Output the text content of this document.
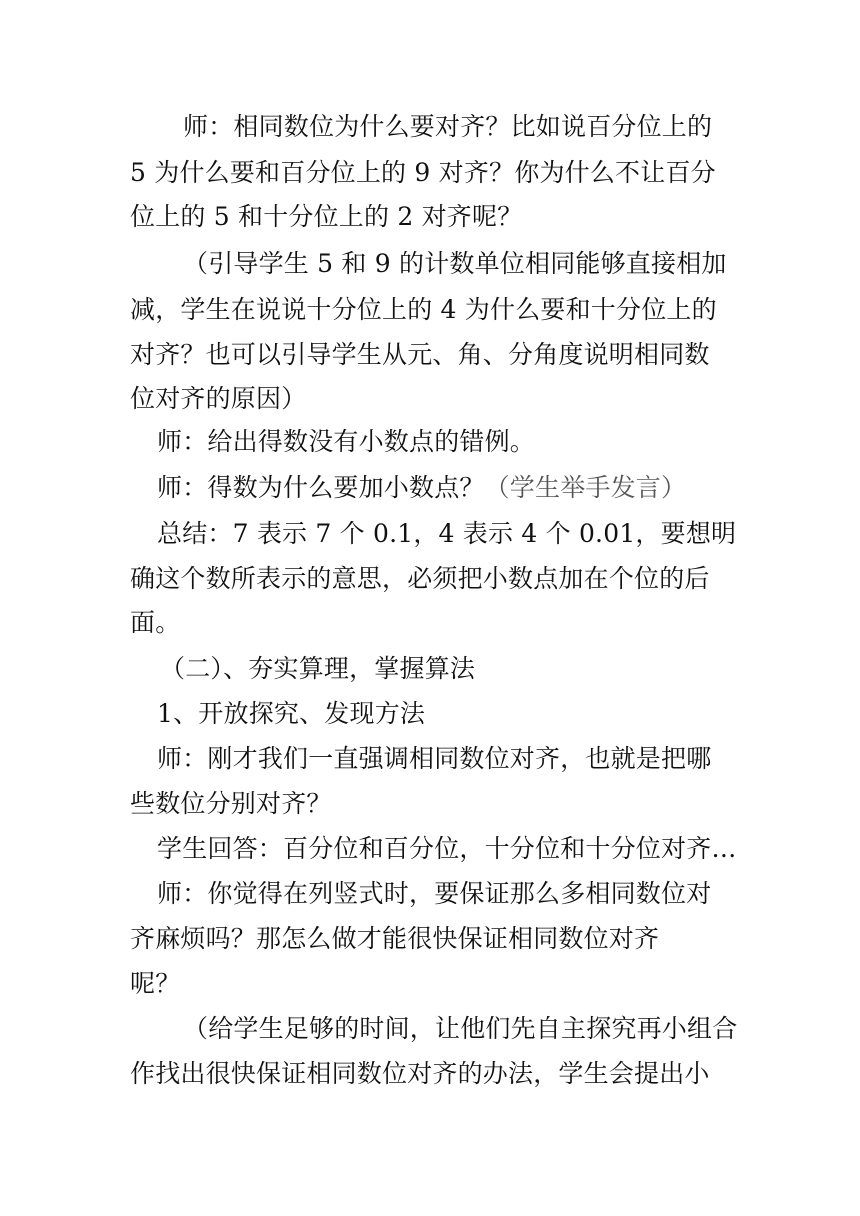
师：相同数位为什么要对齐？比如说百分位上的
5 为什么要和百分位上的 9 对齐？你为什么不让百分
位上的 5 和十分位上的 2 对齐呢？
（引导学生 5 和 9 的计数单位相同能够直接相加
减，学生在说说十分位上的 4 为什么要和十分位上的
对齐？也可以引导学生从元、角、分角度说明相同数
位对齐的原因）
师：给出得数没有小数点的错例。
师：得数为什么要加小数点？（学生举手发言）
总结：7 表示 7 个 0.1，4 表示 4 个 0.01，要想明
确这个数所表示的意思，必须把小数点加在个位的后
面。
（二）、夯实算理，掌握算法
1、开放探究、发现方法
师：刚才我们一直强调相同数位对齐，也就是把哪
些数位分别对齐？
学生回答：百分位和百分位，十分位和十分位对齐…
师：你觉得在列竖式时，要保证那么多相同数位对
齐麻烦吗？那怎么做才能很快保证相同数位对齐
呢？
（给学生足够的时间，让他们先自主探究再小组合
作找出很快保证相同数位对齐的办法，学生会提出小
